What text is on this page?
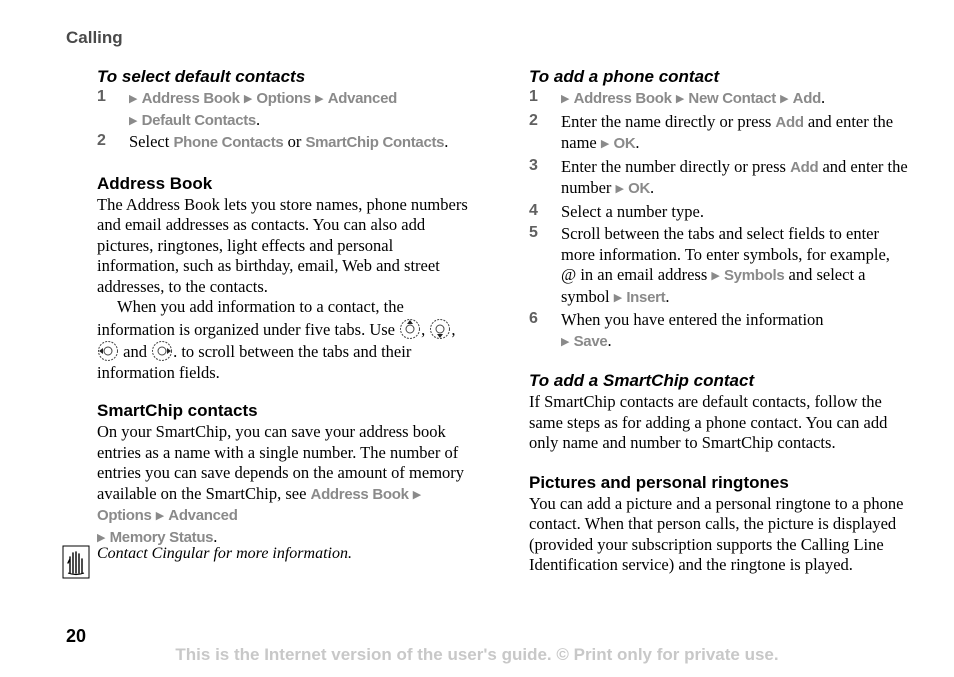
Calling
To select default contacts
1 ▶ Address Book ▶ Options ▶ Advanced
▶ Default Contacts.
2 Select Phone Contacts or SmartChip Contacts.
Address Book

The Address Book lets you store names, phone numbers and email addresses as contacts. You can also add pictures, ringtones, light effects and personal information, such as birthday, email, Web and street addresses, to the contacts.

When you add information to a contact, the information is organized under five tabs. Use , ,  and . to scroll between the tabs and their information fields.

SmartChip contacts

On your SmartChip, you can save your address book entries as a name with a single number. The number of entries you can save depends on the amount of memory available on the SmartChip, see Address Book ▶ Options ▶ Advanced
▶ Memory Status.

Contact Cingular for more information.
To add a phone contact
1 ▶ Address Book ▶ New Contact ▶ Add.
2 Enter the name directly or press Add and enter the name ▶ OK.
3 Enter the number directly or press Add and enter the number ▶ OK.
4 Select a number type.
5 Scroll between the tabs and select fields to enter more information. To enter symbols, for example, @ in an email address ▶ Symbols and select a symbol ▶ Insert.
6 When you have entered the information
▶ Save.
To add a SmartChip contact

If SmartChip contacts are default contacts, follow the same steps as for adding a phone contact. You can add only name and number to SmartChip contacts.

Pictures and personal ringtones

You can add a picture and a personal ringtone to a phone contact. When that person calls, the picture is displayed (provided your subscription supports the Calling Line Identification service) and the ringtone is played.

20
This is the Internet version of the user's guide. © Print only for private use.
